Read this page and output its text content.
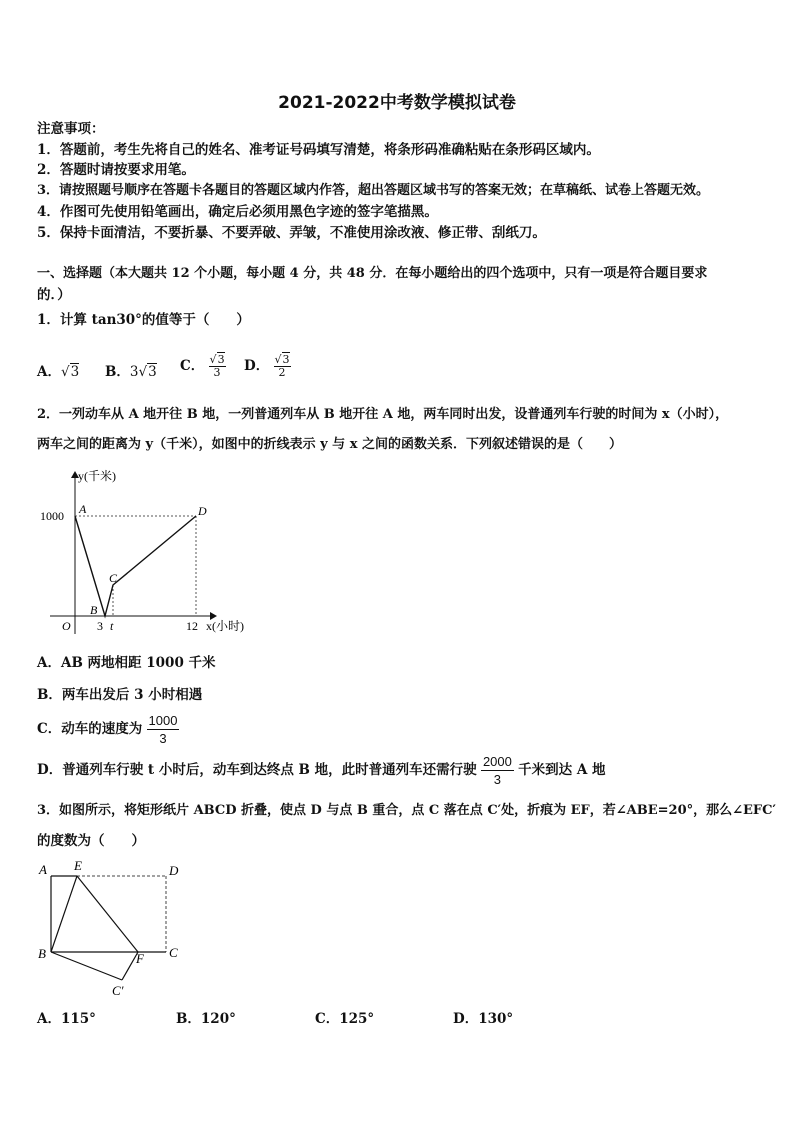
2021-2022中考数学模拟试卷
注意事项：
1．答题前，考生先将自己的姓名、准考证号码填写清楚，将条形码准确粘贴在条形码区域内。
2．答题时请按要求用笔。
3．请按照题号顺序在答题卡各题目的答题区域内作答，超出答题区域书写的答案无效；在草稿纸、试卷上答题无效。
4．作图可先使用铅笔画出，确定后必须用黑色字迹的签字笔描黑。
5．保持卡面清洁，不要折暴、不要弄破、弄皱，不准使用涂改液、修正带、刮纸刀。
一、选择题（本大题共 12 个小题，每小题 4 分，共 48 分．在每小题给出的四个选项中，只有一项是符合题目要求
的．）
1．计算 tan30°的值等于（　　）
A．√3 B．3√3 C． $\frac{√3}{3}$ D． $\frac{√3}{2}$
2．一列动车从 A 地开往 B 地，一列普通列车从 B 地开往 A 地，两车同时出发，设普通列车行驶的时间为 x（小时），
两车之间的距离为 y（千米），如图中的折线表示 y 与 x 之间的函数关系．下列叙述错误的是（　　）
y(千米)
1000
O 3 t	12 x(小时)
A
B
C
D
A．AB 两地相距 1000 千米
B．两车出发后 3 小时相遇
C．动车的速度为 $\frac{1000}{3}$
D．普通列车行驶 t 小时后，动车到达终点 B 地，此时普通列车还需行驶 $\frac{2000}{3}$ 千米到达 A 地
3．如图所示，将矩形纸片 ABCD 折叠，使点 D 与点 B 重合，点 C 落在点 C′处，折痕为 EF，若∠ABE=20°，那么∠EFC′
的度数为（　　）
A E	D
B	C
F
C′
A．115°	B．120°	C．125°	D．130°
